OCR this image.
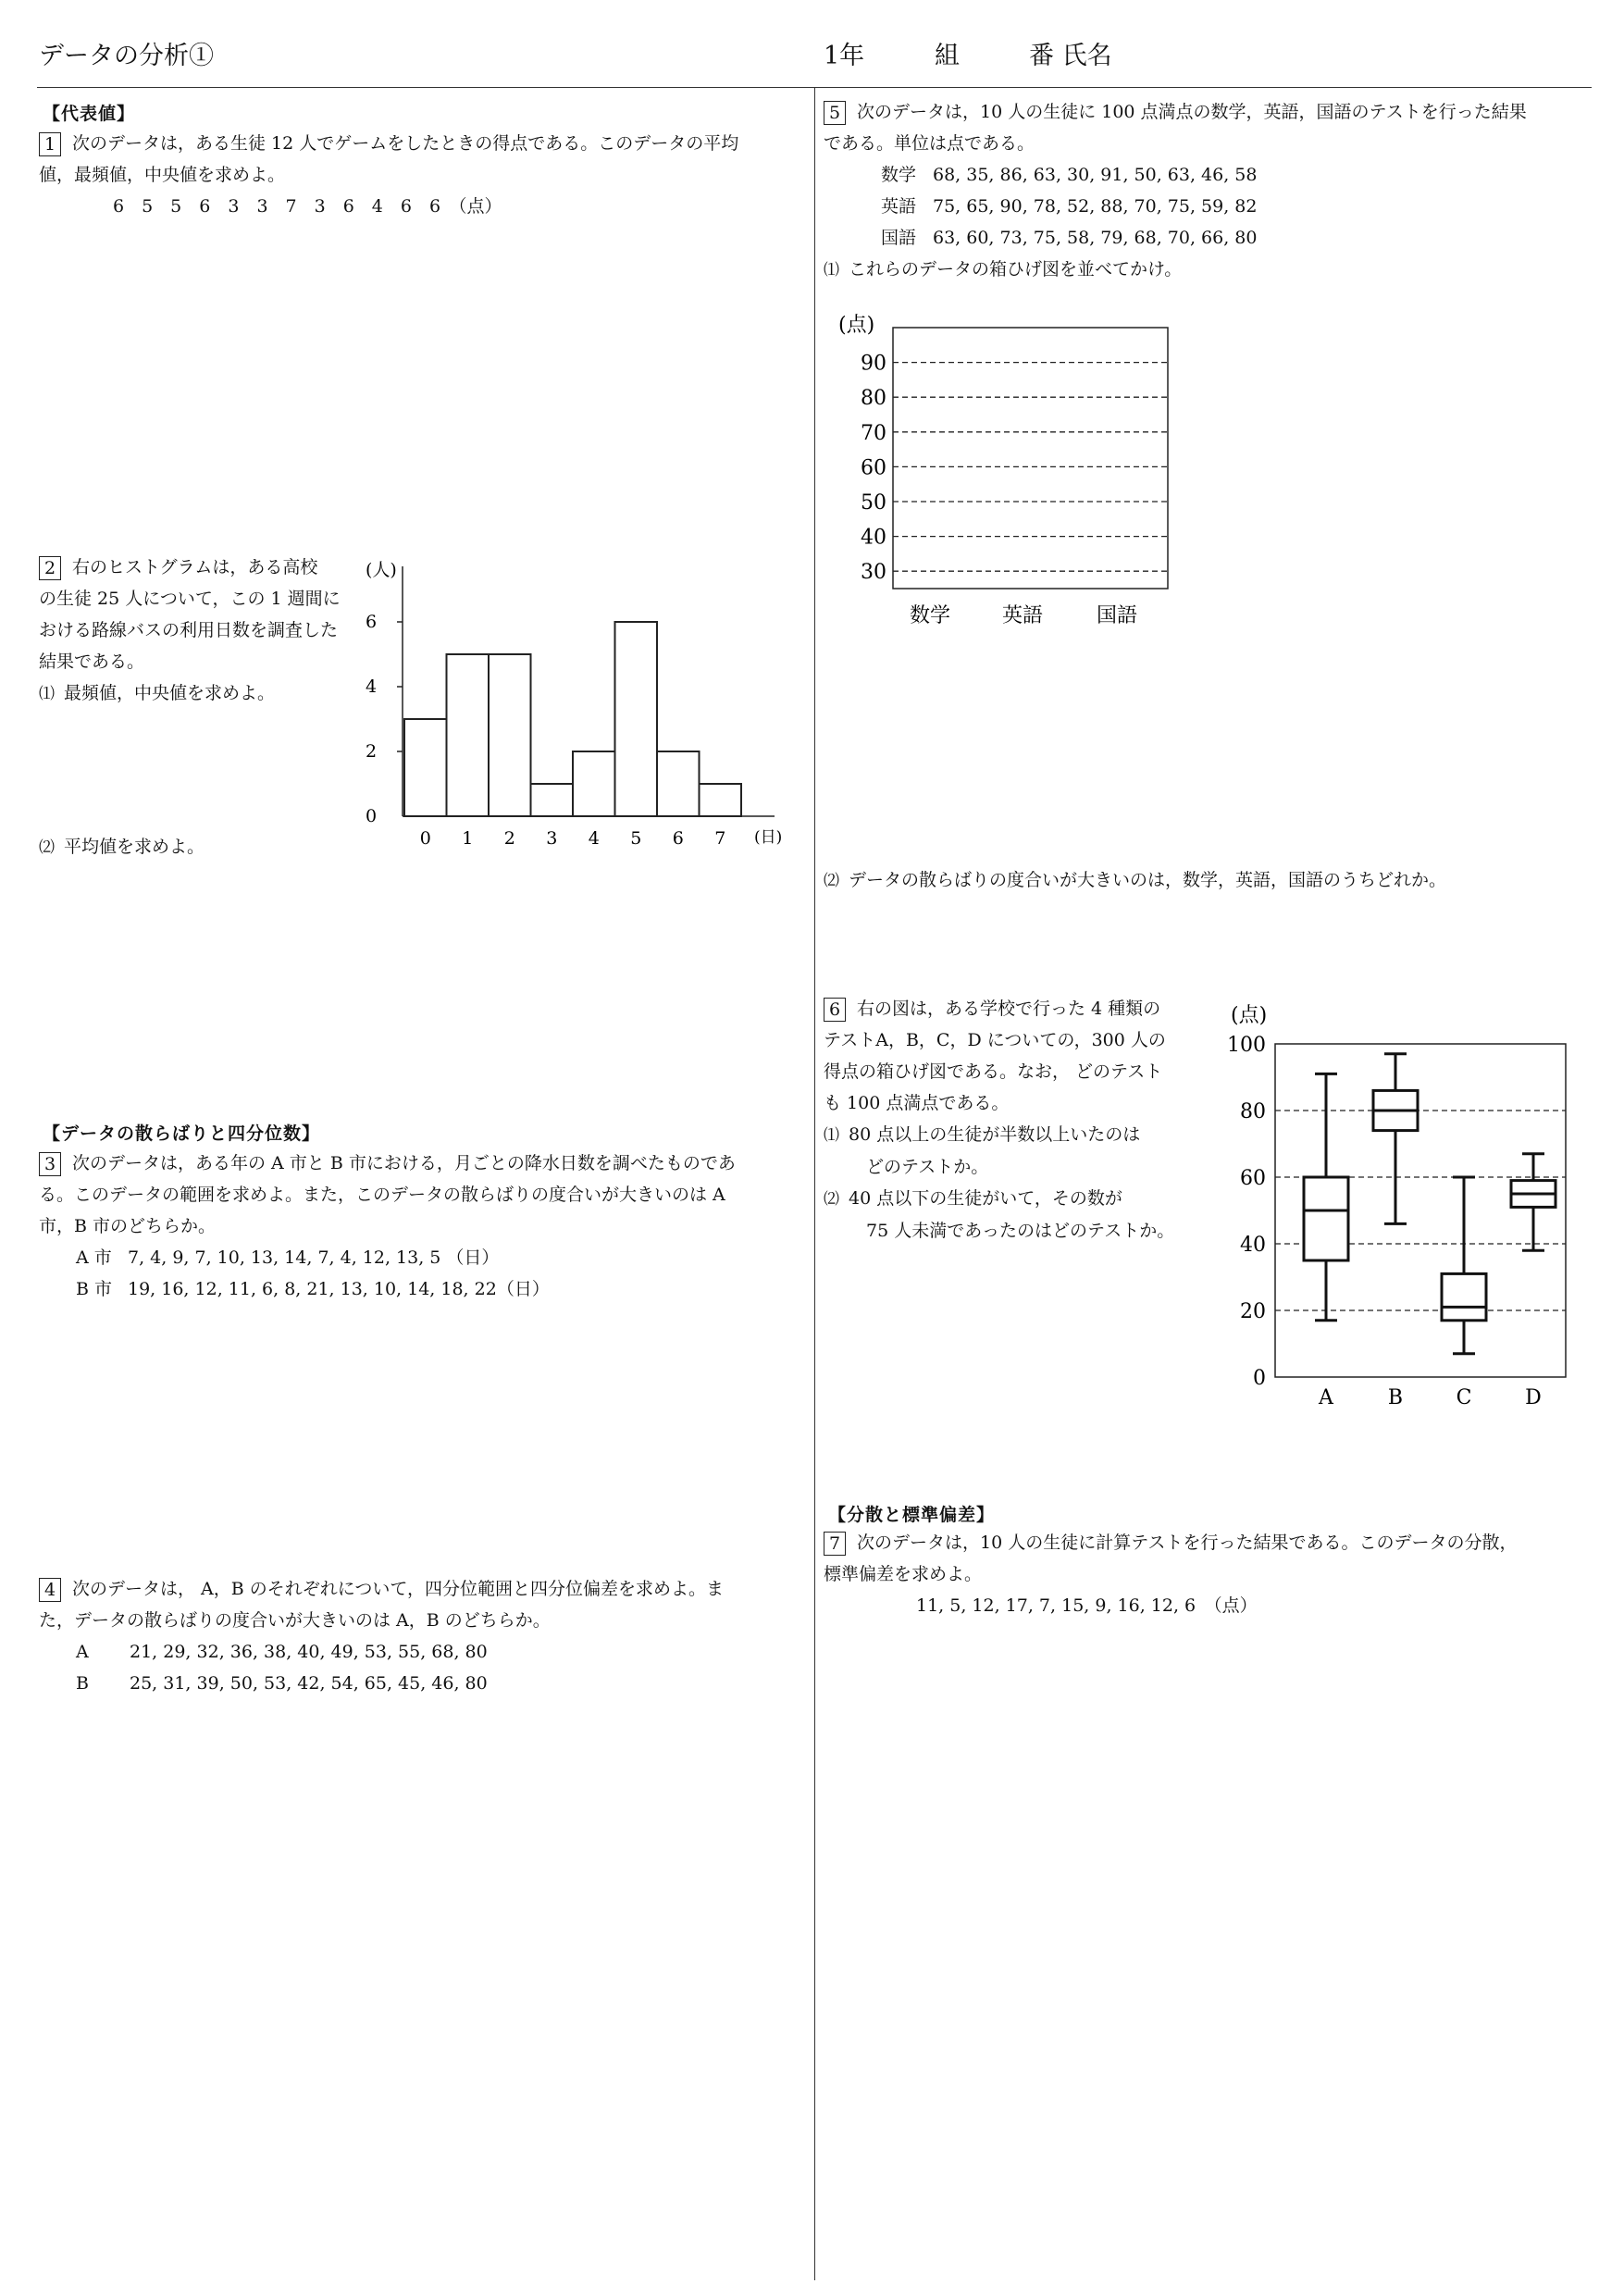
データの分析①	1年	組	番 氏名
【代表値】
1 次のデータは，ある生徒 12 人でゲームをしたときの得点である。このデータの平均
値，最頻値，中央値を求めよ。
6　5　5　6　3　3　7　3　6　4　6　6　（点）
2 右のヒストグラムは，ある高校
の生徒 25 人について，この 1 週間に
おける路線バスの利用日数を調査した
結果である。
⑴ 最頻値，中央値を求めよ。
⑵ 平均値を求めよ。
(人)
0
2
4
6
0 1 2 3 4 5 6 7 (日)
【データの散らばりと四分位数】
3 次のデータは，ある年の A 市と B 市における，月ごとの降水日数を調べたものであ
る。このデータの範囲を求めよ。また，このデータの散らばりの度合いが大きいのは A
市，B 市のどちらか。
A 市 7, 4, 9, 7, 10, 13, 14, 7, 4, 12, 13, 5 （日）
B 市 19, 16, 12, 11, 6, 8, 21, 13, 10, 14, 18, 22（日）
4 次のデータは， A，B のそれぞれについて，四分位範囲と四分位偏差を求めよ。ま
た，データの散らばりの度合いが大きいのは A，B のどちらか。
A 21, 29, 32, 36, 38, 40, 49, 53, 55, 68, 80
B 25, 31, 39, 50, 53, 42, 54, 65, 45, 46, 80
5 次のデータは，10 人の生徒に 100 点満点の数学，英語，国語のテストを行った結果
である。単位は点である。
数学 68, 35, 86, 63, 30, 91, 50, 63, 46, 58
英語 75, 65, 90, 78, 52, 88, 70, 75, 59, 82
国語 63, 60, 73, 75, 58, 79, 68, 70, 66, 80
⑴ これらのデータの箱ひげ図を並べてかけ。
(点)
30
40
50
60
70
80
90
数学	英語	国語
⑵ データの散らばりの度合いが大きいのは，数学，英語，国語のうちどれか。
6 右の図は，ある学校で行った 4 種類の
テストA，B，C，D についての，300 人の
得点の箱ひげ図である。なお， どのテスト
も 100 点満点である。
⑴ 80 点以上の生徒が半数以上いたのは
どのテストか。
⑵ 40 点以下の生徒がいて，その数が
75 人未満であったのはどのテストか。
(点)
0
20
40
60
80
100
A	B	C	D
【分散と標準偏差】
7 次のデータは，10 人の生徒に計算テストを行った結果である。このデータの分散，
標準偏差を求めよ。
11, 5, 12, 17, 7, 15, 9, 16, 12, 6　（点）
